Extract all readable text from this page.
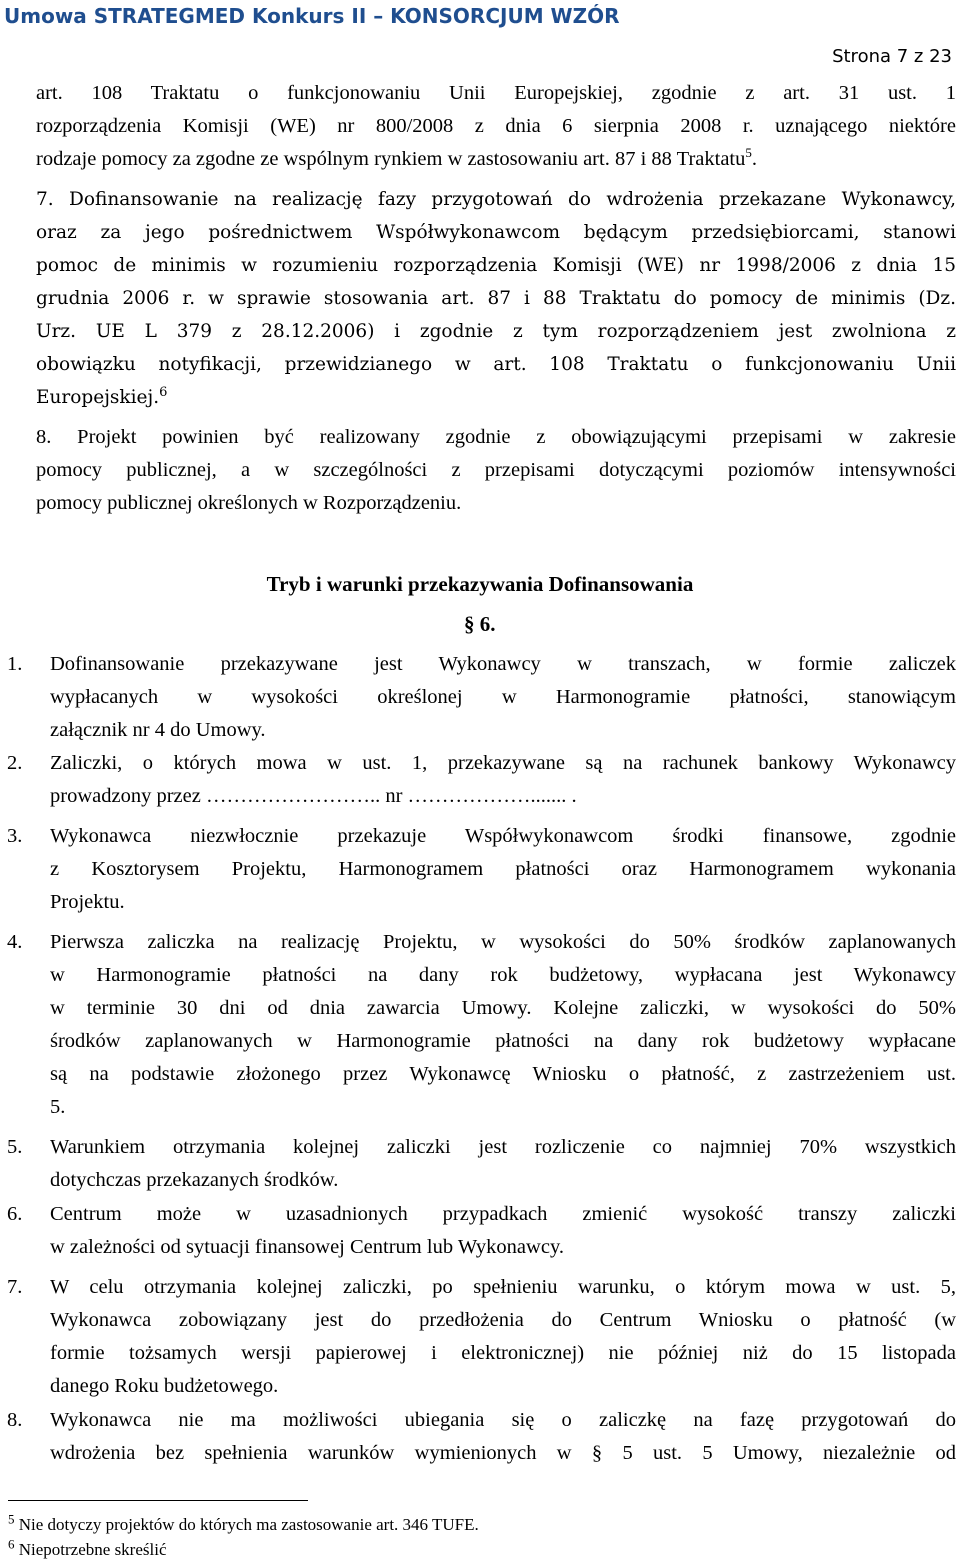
Umowa STRATEGMED Konkurs II – KONSORCJUM WZÓR
Strona 7 z 23
art. 108 Traktatu o funkcjonowaniu Unii Europejskiej, zgodnie z art. 31 ust. 1
rozporządzenia Komisji (WE) nr 800/2008 z dnia 6 sierpnia 2008 r. uznającego niektóre
rodzaje pomocy za zgodne ze wspólnym rynkiem w zastosowaniu art. 87 i 88 Traktatu$^5$.
7. Dofinansowanie na realizację fazy przygotowań do wdrożenia przekazane Wykonawcy,
oraz za jego pośrednictwem Współwykonawcom będącym przedsiębiorcami, stanowi
pomoc de minimis w rozumieniu rozporządzenia Komisji (WE) nr 1998/2006 z dnia 15
grudnia 2006 r. w sprawie stosowania art. 87 i 88 Traktatu do pomocy de minimis (Dz.
Urz. UE L 379 z 28.12.2006) i zgodnie z tym rozporządzeniem jest zwolniona z
obowiązku notyfikacji, przewidzianego w art. 108 Traktatu o funkcjonowaniu Unii
Europejskiej.$^6$
8. Projekt powinien być realizowany zgodnie z obowiązującymi przepisami w zakresie
pomocy publicznej, a w szczególności z przepisami dotyczącymi poziomów intensywności
pomocy publicznej określonych w Rozporządzeniu.
Tryb i warunki przekazywania Dofinansowania
§ 6.
1. Dofinansowanie przekazywane jest Wykonawcy w transzach, w formie zaliczek
wypłacanych w wysokości określonej w Harmonogramie płatności, stanowiącym
załącznik nr 4 do Umowy.
2. Zaliczki, o których mowa w ust. 1, przekazywane są na rachunek bankowy Wykonawcy
prowadzony przez …………………….. nr ………………....... .
3. Wykonawca niezwłocznie przekazuje Współwykonawcom środki finansowe, zgodnie
z Kosztorysem Projektu, Harmonogramem płatności oraz Harmonogramem wykonania
Projektu.
4. Pierwsza zaliczka na realizację Projektu, w wysokości do 50% środków zaplanowanych
w Harmonogramie płatności na dany rok budżetowy, wypłacana jest Wykonawcy
w terminie 30 dni od dnia zawarcia Umowy. Kolejne zaliczki, w wysokości do 50%
środków zaplanowanych w Harmonogramie płatności na dany rok budżetowy wypłacane
są na podstawie złożonego przez Wykonawcę Wniosku o płatność, z zastrzeżeniem ust.
5.
5. Warunkiem otrzymania kolejnej zaliczki jest rozliczenie co najmniej 70% wszystkich
dotychczas przekazanych środków.
6. Centrum może w uzasadnionych przypadkach zmienić wysokość transzy zaliczki
w zależności od sytuacji finansowej Centrum lub Wykonawcy.
7. W celu otrzymania kolejnej zaliczki, po spełnieniu warunku, o którym mowa w ust. 5,
Wykonawca zobowiązany jest do przedłożenia do Centrum Wniosku o płatność (w
formie tożsamych wersji papierowej i elektronicznej) nie później niż do 15 listopada
danego Roku budżetowego.
8. Wykonawca nie ma możliwości ubiegania się o zaliczkę na fazę przygotowań do
wdrożenia bez spełnienia warunków wymienionych w § 5 ust. 5 Umowy, niezależnie od
$^5$ Nie dotyczy projektów do których ma zastosowanie art. 346 TUFE.
$^6$ Niepotrzebne skreślić
